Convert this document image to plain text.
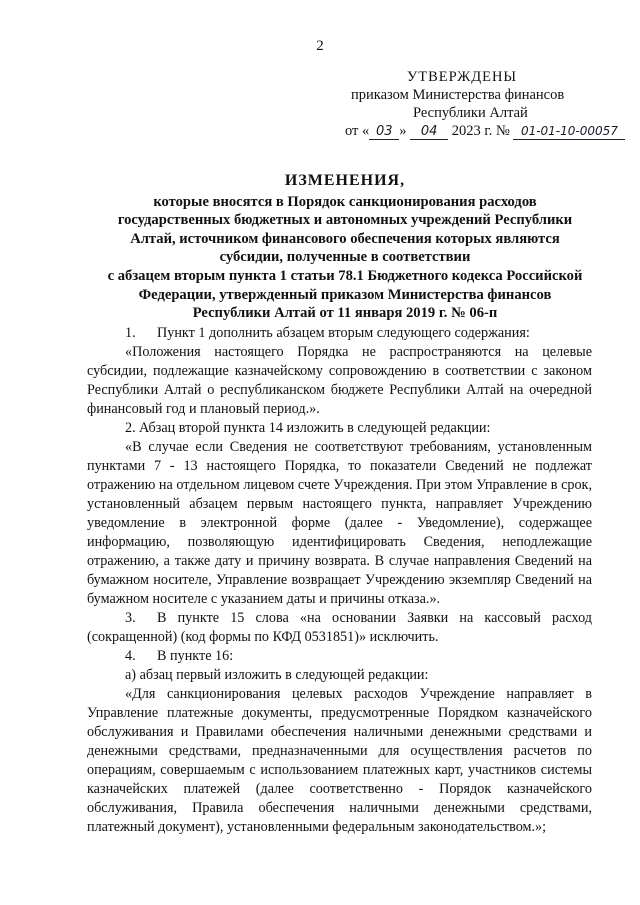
2
УТВЕРЖДЕНЫ
приказом Министерства финансов
Республики Алтай
от « 03 » 04 2023 г. № 01-01-10-00057
ИЗМЕНЕНИЯ,
которые вносятся в Порядок санкционирования расходов
государственных бюджетных и автономных учреждений Республики
Алтай, источником финансового обеспечения которых являются
субсидии, полученные в соответствии
с абзацем вторым пункта 1 статьи 78.1 Бюджетного кодекса Российской
Федерации, утвержденный приказом Министерства финансов
Республики Алтай от 11 января 2019 г. № 06-п

1. Пункт 1 дополнить абзацем вторым следующего содержания:

«Положения настоящего Порядка не распространяются на целевые субсидии, подлежащие казначейскому сопровождению в соответствии с законом Республики Алтай о республиканском бюджете Республики Алтай на очередной финансовый год и плановый период.».

2. Абзац второй пункта 14 изложить в следующей редакции:

«В случае если Сведения не соответствуют требованиям, установленным пунктами 7 - 13 настоящего Порядка, то показатели Сведений не подлежат отражению на отдельном лицевом счете Учреждения. При этом Управление в срок, установленный абзацем первым настоящего пункта, направляет Учреждению уведомление в электронной форме (далее - Уведомление), содержащее информацию, позволяющую идентифицировать Сведения, неподлежащие отражению, а также дату и причину возврата. В случае направления Сведений на бумажном носителе, Управление возвращает Учреждению экземпляр Сведений на бумажном носителе с указанием даты и причины отказа.».

3. В пункте 15 слова «на основании Заявки на кассовый расход (сокращенной) (код формы по КФД 0531851)» исключить.

4. В пункте 16:

а) абзац первый изложить в следующей редакции:

«Для санкционирования целевых расходов Учреждение направляет в Управление платежные документы, предусмотренные Порядком казначейского обслуживания и Правилами обеспечения наличными денежными средствами и денежными средствами, предназначенными для осуществления расчетов по операциям, совершаемым с использованием платежных карт, участников системы казначейских платежей (далее соответственно - Порядок казначейского обслуживания, Правила обеспечения наличными денежными средствами, платежный документ), установленными федеральным законодательством.»;
